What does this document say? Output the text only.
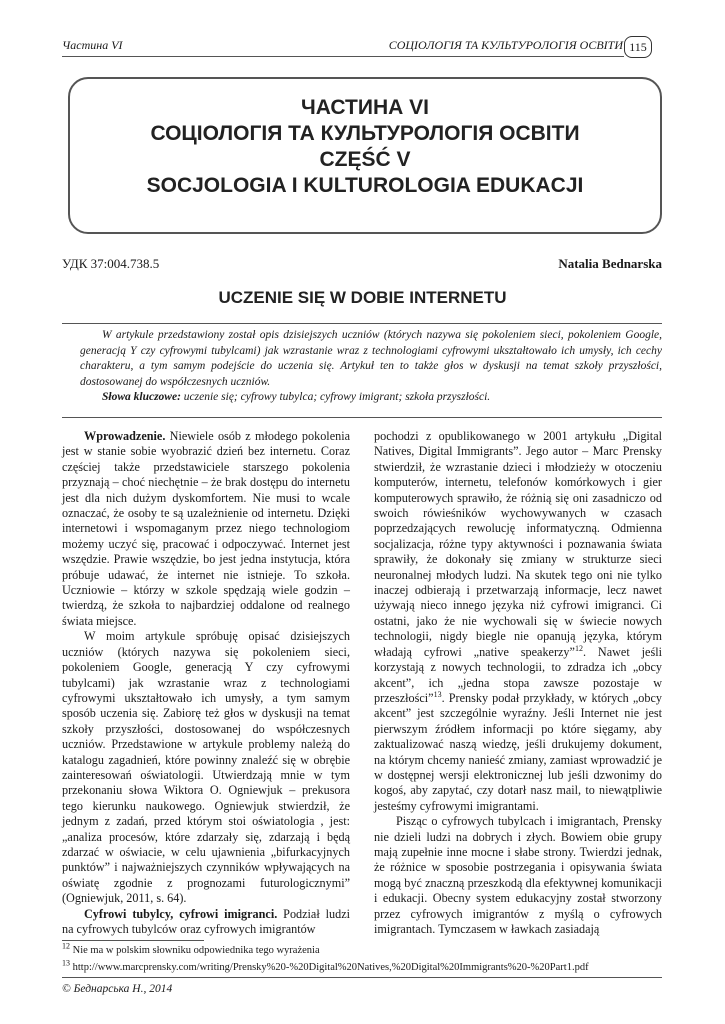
Частина VI	СОЦІОЛОГІЯ ТА КУЛЬТУРОЛОГІЯ ОСВІТИ 115
ЧАСТИНА VI
СОЦІОЛОГІЯ ТА КУЛЬТУРОЛОГІЯ ОСВІТИ
CZĘŚĆ V
SOCJOLOGIA I KULTUROLOGIA EDUKACJI
УДК 37:004.738.5	Natalia Bednarska
UCZENIE SIĘ W DOBIE INTERNETU

W artykule przedstawiony został opis dzisiejszych uczniów (których nazywa się pokoleniem sieci, pokoleniem Google, generacją Y czy cyfrowymi tubylcami) jak wzrastanie wraz z technologiami cyfrowymi ukształtowało ich umysły, ich cechy charakteru, a tym samym podejście do uczenia się. Artykuł ten to także głos w dyskusji na temat szkoły przyszłości, dostosowanej do współczesnych uczniów.

Słowa kluczowe: uczenie się; cyfrowy tubylca; cyfrowy imigrant; szkoła przyszłości.

Wprowadzenie. Niewiele osób z młodego pokolenia jest w stanie sobie wyobrazić dzień bez internetu. Coraz częściej także przedstawiciele starszego pokolenia przyznają – choć niechętnie – że brak dostępu do internetu jest dla nich dużym dyskomfortem. Nie musi to wcale oznaczać, że osoby te są uzależnienie od internetu. Dzięki internetowi i wspomaganym przez niego technologiom możemy uczyć się, pracować i odpoczywać. Internet jest wszędzie. Prawie wszędzie, bo jest jedna instytucja, która próbuje udawać, że internet nie istnieje. To szkoła. Uczniowie – którzy w szkole spędzają wiele godzin – twierdzą, że szkoła to najbardziej oddalone od realnego świata miejsce.

W moim artykule spróbuję opisać dzisiejszych uczniów (których nazywa się pokoleniem sieci, pokoleniem Google, generacją Y czy cyfrowymi tubylcami) jak wzrastanie wraz z technologiami cyfrowymi ukształtowało ich umysły, a tym samym sposób uczenia się. Zabiorę też głos w dyskusji na temat szkoły przyszłości, dostosowanej do współczesnych uczniów. Przedstawione w artykule problemy należą do katalogu zagadnień, które powinny znaleźć się w obrębie zainteresowań oświatologii. Utwierdzają mnie w tym przekonaniu słowa Wiktora O. Ogniewjuk – prekusora tego kierunku naukowego. Ogniewjuk stwierdził, że jednym z zadań, przed którym stoi oświatologia , jest: „analiza procesów, które zdarzały się, zdarzają i będą zdarzać w oświacie, w celu ujawnienia „bifurkacyjnych punktów” i najważniejszych czynników wpływających na oświatę zgodnie z prognozami futurologicznymi” (Ogniewjuk, 2011, s. 64).

Cyfrowi tubylcy, cyfrowi imigranci. Podział ludzi na cyfrowych tubylców oraz cyfrowych imigrantów

pochodzi z opublikowanego w 2001 artykułu „Digital Natives, Digital Immigrants”. Jego autor – Marc Prensky stwierdził, że wzrastanie dzieci i młodzieży w otoczeniu komputerów, internetu, telefonów komórkowych i gier komputerowych sprawiło, że różnią się oni zasadniczo od swoich rówieśników wychowywanych w czasach poprzedzających rewolucję informatyczną. Odmienna socjalizacja, różne typy aktywności i poznawania świata sprawiły, że dokonały się zmiany w strukturze sieci neuronalnej młodych ludzi. Na skutek tego oni nie tylko inaczej odbierają i przetwarzają informacje, lecz nawet używają nieco innego języka niż cyfrowi imigranci. Ci ostatni, jako że nie wychowali się w świecie nowych technologii, nigdy biegle nie opanują języka, którym władają cyfrowi „native speakerzy”$^{12}$. Nawet jeśli korzystają z nowych technologii, to zdradza ich „obcy akcent”, ich „jedna stopa zawsze pozostaje w przeszłości”$^{13}$. Prensky podał przykłady, w których „obcy akcent” jest szczególnie wyraźny. Jeśli Internet nie jest pierwszym źródłem informacji po które sięgamy, aby zaktualizować naszą wiedzę, jeśli drukujemy dokument, na którym chcemy nanieść zmiany, zamiast wprowadzić je w dostępnej wersji elektronicznej lub jeśli dzwonimy do kogoś, aby zapytać, czy dotarł nasz mail, to niewątpliwie jesteśmy cyfrowymi imigrantami.

Pisząc o cyfrowych tubylcach i imigrantach, Prensky nie dzieli ludzi na dobrych i złych. Bowiem obie grupy mają zupełnie inne mocne i słabe strony. Twierdzi jednak, że różnice w sposobie postrzegania i opisywania świata mogą być znaczną przeszkodą dla efektywnej komunikacji i edukacji. Obecny system edukacyjny został stworzony przez cyfrowych imigrantów z myślą o cyfrowych imigrantach. Tymczasem w ławkach zasiadają

$^{12}$ Nie ma w polskim słowniku odpowiednika tego wyrażenia
$^{13}$ http://www.marcprensky.com/writing/Prensky%20-%20Digital%20Natives,%20Digital%20Immigrants%20-%20Part1.pdf
© Беднарська Н., 2014
